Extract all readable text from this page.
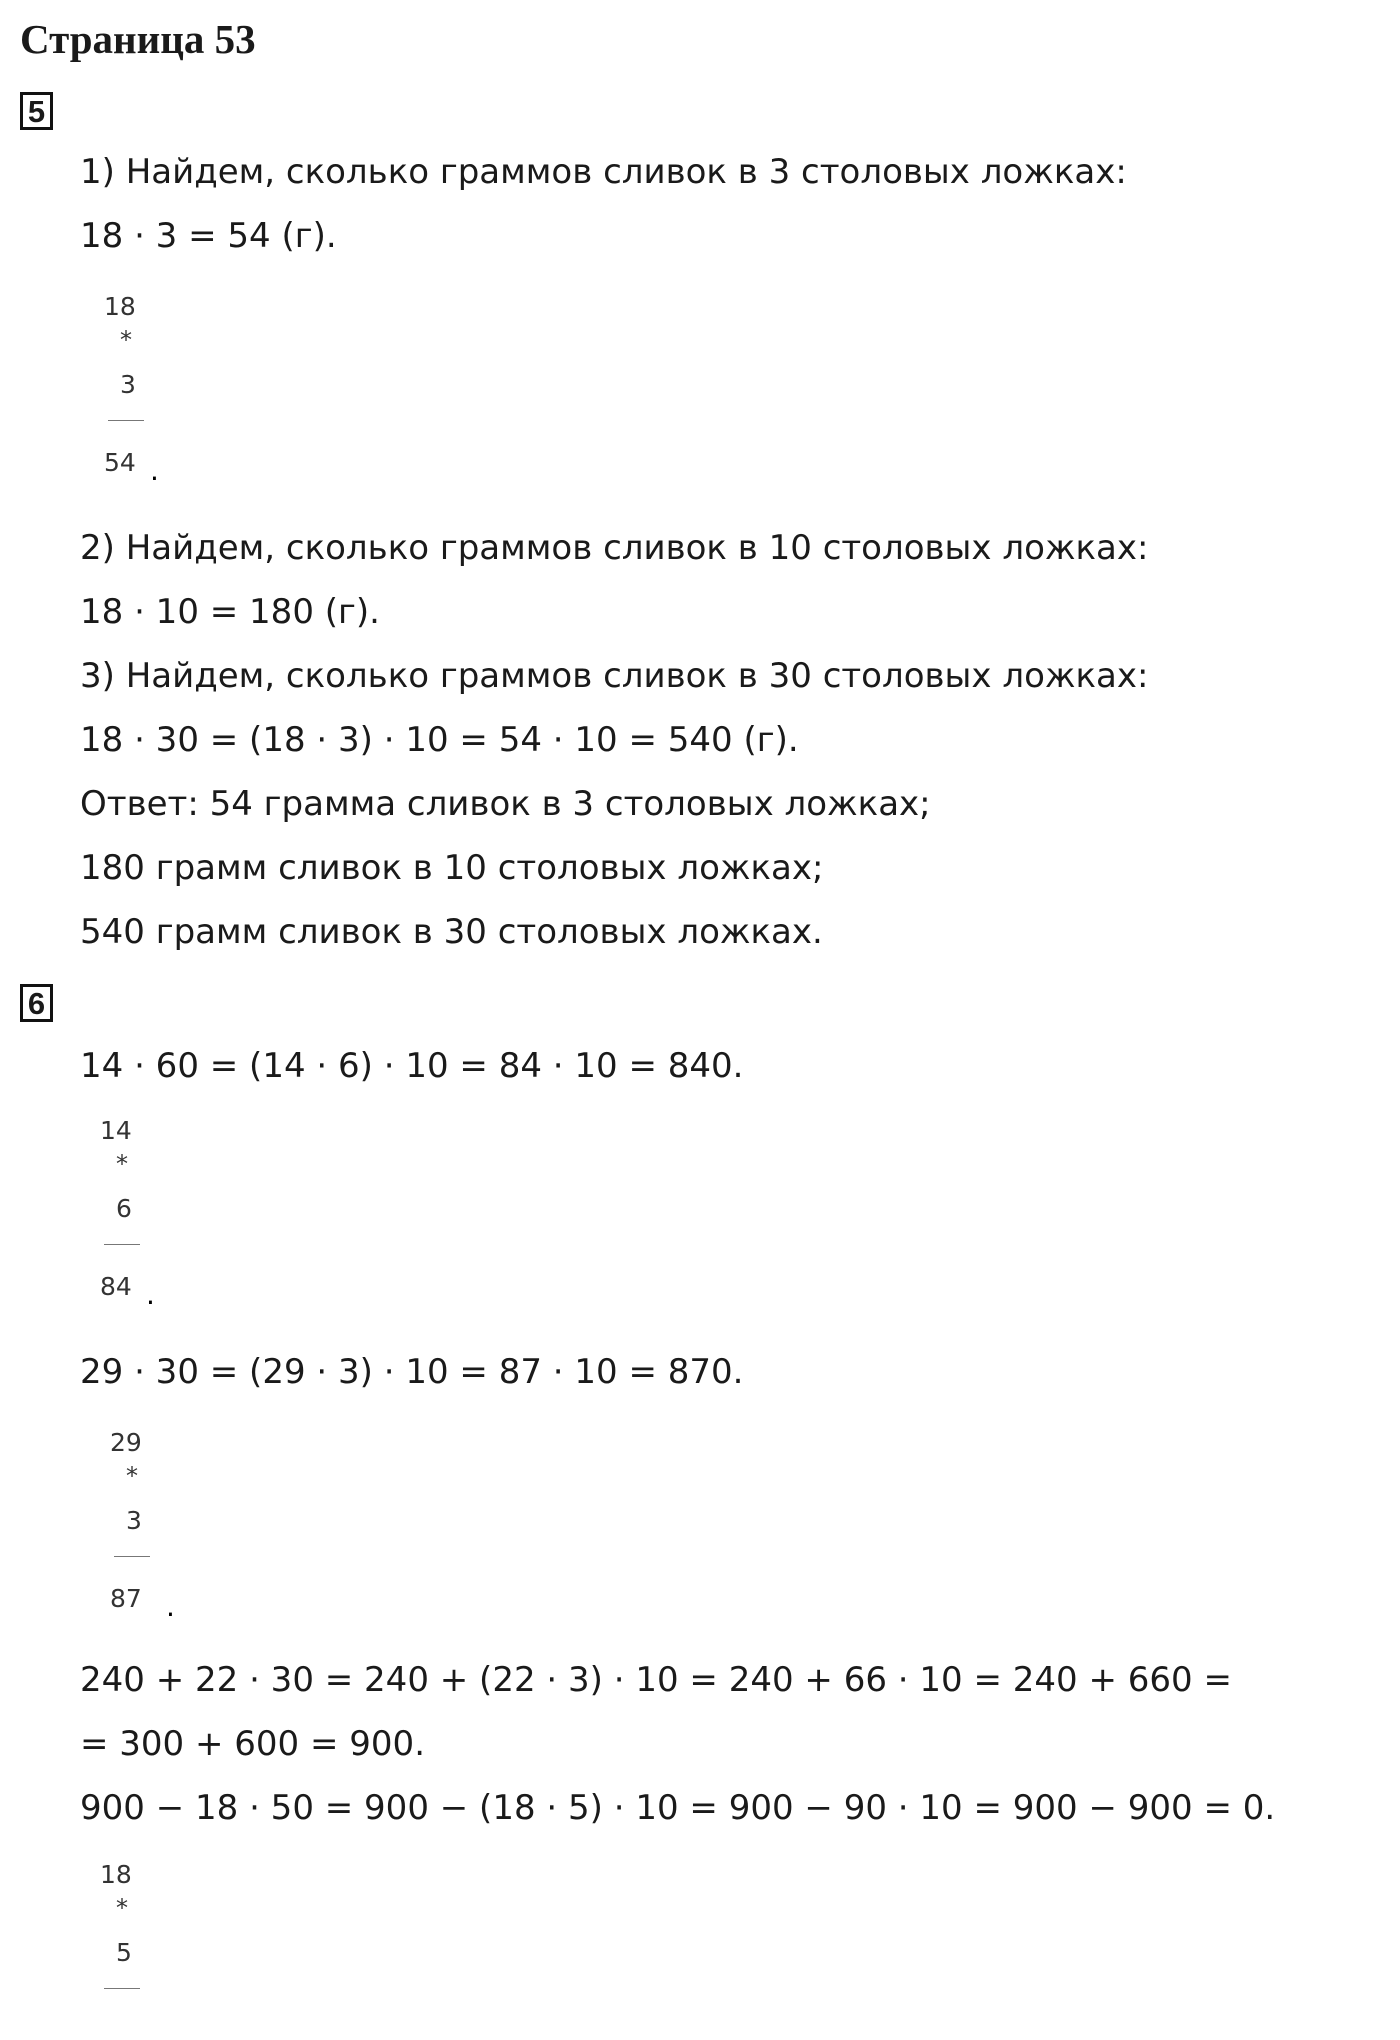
Страница 53
5

1) Найдем, сколько граммов сливок в 3 столовых ложках:

18 · 3 = 54 (г).

18
*
3
54 .

2) Найдем, сколько граммов сливок в 10 столовых ложках:

18 · 10 = 180 (г).

3) Найдем, сколько граммов сливок в 30 столовых ложках:

18 · 30 = (18 · 3) · 10 = 54 · 10 = 540 (г).

Ответ: 54 грамма сливок в 3 столовых ложках;

180 грамм сливок в 10 столовых ложках;

540 грамм сливок в 30 столовых ложках.

6

14 · 60 = (14 · 6) · 10 = 84 · 10 = 840.

14
*
6
84 .

29 · 30 = (29 · 3) · 10 = 87 · 10 = 870.

29
*
3
87 .

240 + 22 · 30 = 240 + (22 · 3) · 10 = 240 + 66 · 10 = 240 + 660 =

= 300 + 600 = 900.

900 − 18 · 50 = 900 − (18 · 5) · 10 = 900 − 90 · 10 = 900 − 900 = 0.

18
*
5
